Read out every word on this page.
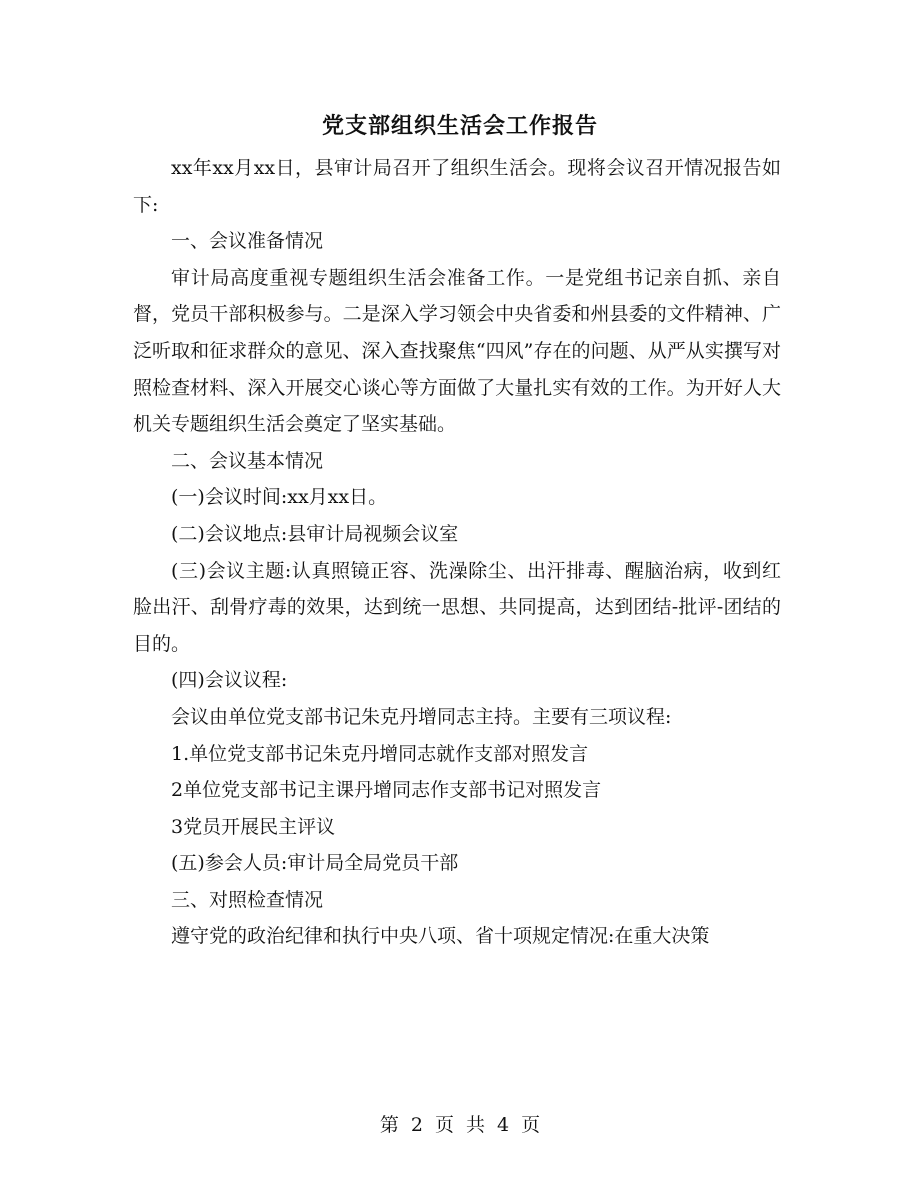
党支部组织生活会工作报告

xx年xx月xx日，县审计局召开了组织生活会。现将会议召开情况报告如下:

一、会议准备情况

审计局高度重视专题组织生活会准备工作。一是党组书记亲自抓、亲自督，党员干部积极参与。二是深入学习领会中央省委和州县委的文件精神、广泛听取和征求群众的意见、深入查找聚焦“四风”存在的问题、从严从实撰写对照检查材料、深入开展交心谈心等方面做了大量扎实有效的工作。为开好人大机关专题组织生活会奠定了坚实基础。

二、会议基本情况

(一)会议时间:xx月xx日。

(二)会议地点:县审计局视频会议室

(三)会议主题:认真照镜正容、洗澡除尘、出汗排毒、醒脑治病，收到红脸出汗、刮骨疗毒的效果，达到统一思想、共同提高，达到团结-批评-团结的目的。

(四)会议议程:

会议由单位党支部书记朱克丹增同志主持。主要有三项议程:

1.单位党支部书记朱克丹增同志就作支部对照发言

2单位党支部书记主课丹增同志作支部书记对照发言

3党员开展民主评议

(五)参会人员:审计局全局党员干部

三、对照检查情况

遵守党的政治纪律和执行中央八项、省十项规定情况:在重大决策

第 2 页 共 4 页
